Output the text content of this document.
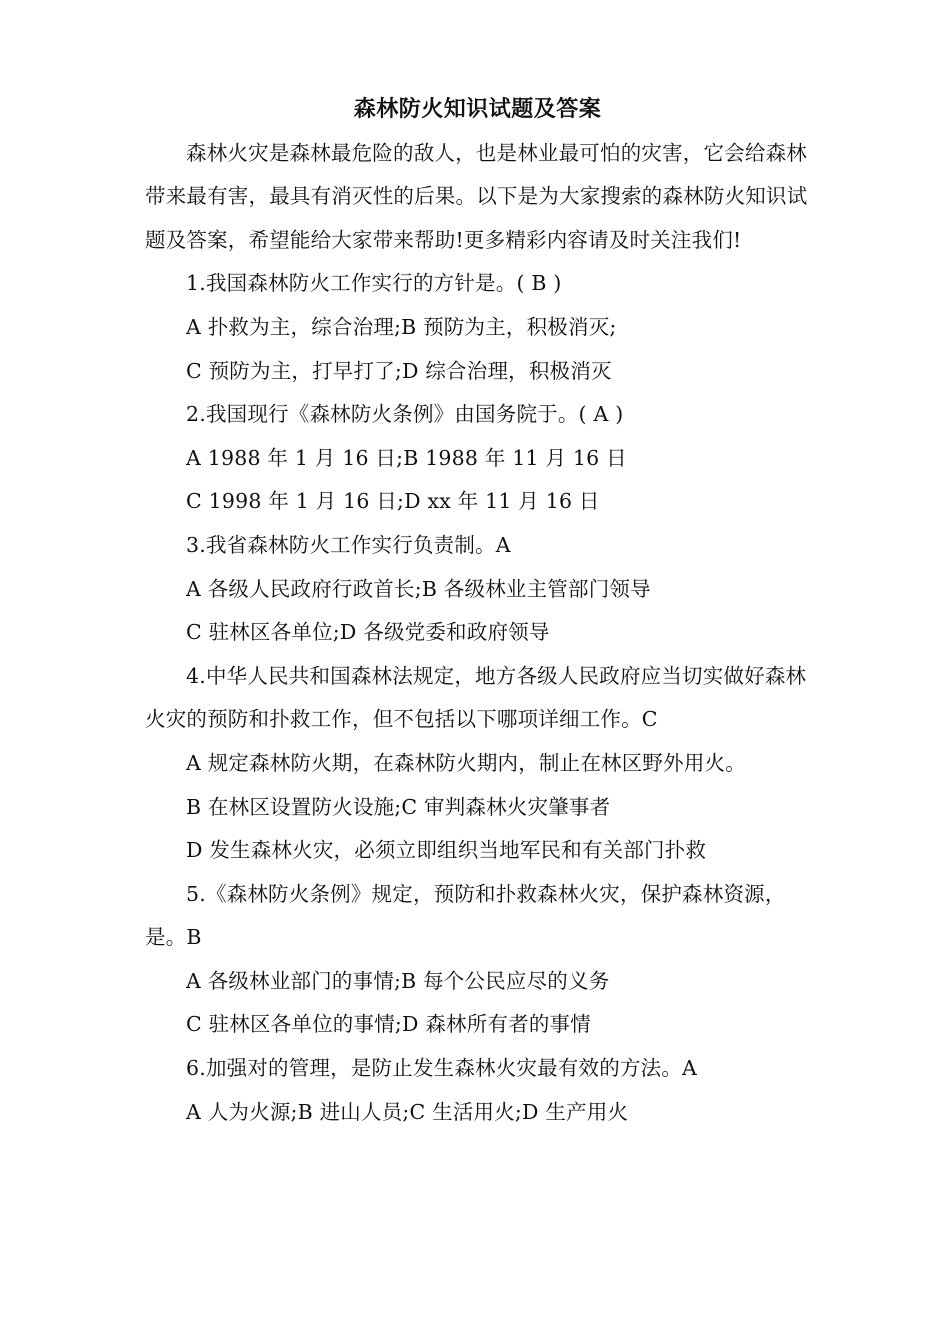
森林防火知识试题及答案

森林火灾是森林最危险的敌人，也是林业最可怕的灾害，它会给森林带来最有害，最具有消灭性的后果。以下是为大家搜索的森林防火知识试题及答案，希望能给大家带来帮助!更多精彩内容请及时关注我们!

1.我国森林防火工作实行的方针是。( B )

A 扑救为主，综合治理;B 预防为主，积极消灭;

C 预防为主，打早打了;D 综合治理，积极消灭

2.我国现行《森林防火条例》由国务院于。( A )

A 1988 年 1 月 16 日;B 1988 年 11 月 16 日

C 1998 年 1 月 16 日;D xx 年 11 月 16 日

3.我省森林防火工作实行负责制。A

A 各级人民政府行政首长;B 各级林业主管部门领导

C 驻林区各单位;D 各级党委和政府领导

4.中华人民共和国森林法规定，地方各级人民政府应当切实做好森林火灾的预防和扑救工作，但不包括以下哪项详细工作。C

A 规定森林防火期，在森林防火期内，制止在林区野外用火。

B 在林区设置防火设施;C 审判森林火灾肇事者

D 发生森林火灾，必须立即组织当地军民和有关部门扑救

5.《森林防火条例》规定，预防和扑救森林火灾，保护森林资源，是。B

A 各级林业部门的事情;B 每个公民应尽的义务

C 驻林区各单位的事情;D 森林所有者的事情

6.加强对的管理，是防止发生森林火灾最有效的方法。A

A 人为火源;B 进山人员;C 生活用火;D 生产用火
